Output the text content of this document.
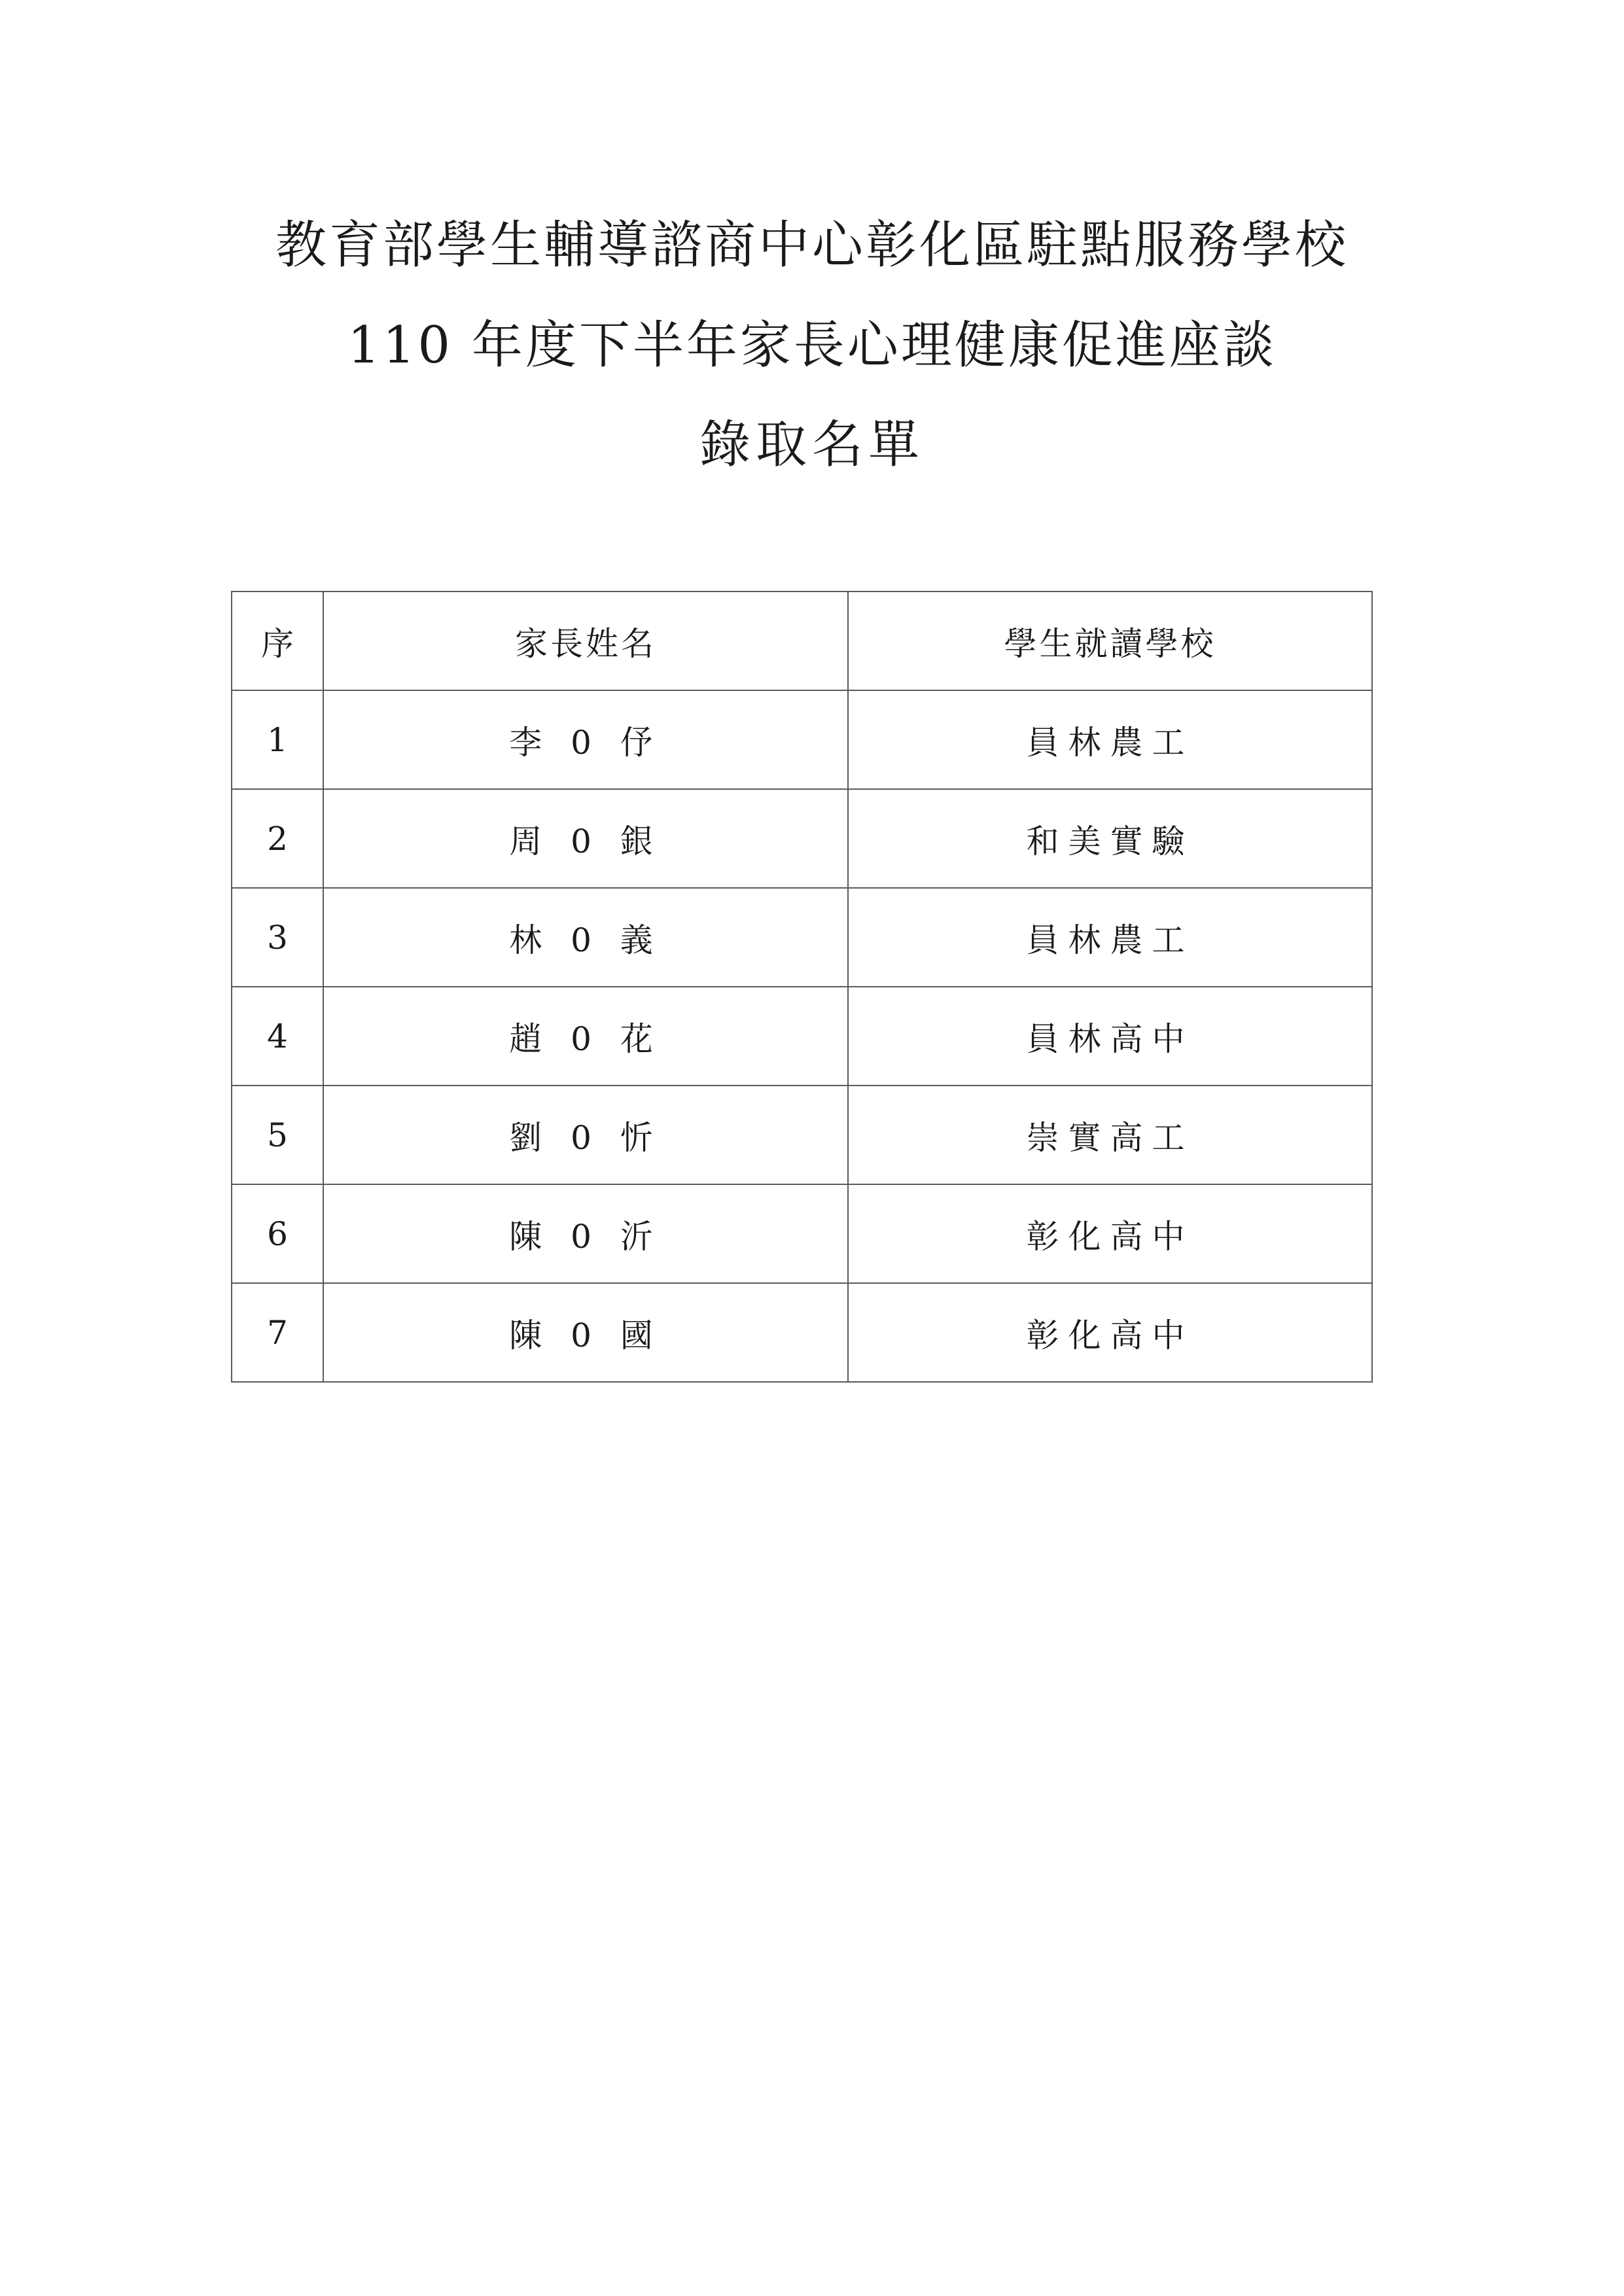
教育部學生輔導諮商中心彰化區駐點服務學校
110 年度下半年家長心理健康促進座談
錄取名單
序	家長姓名	學生就讀學校
1	李 0 伃	員林農工
2	周 0 銀	和美實驗
3	林 0 義	員林農工
4	趙 0 花	員林高中
5	劉 0 忻	崇實高工
6	陳 0 沂	彰化高中
7	陳 0 國	彰化高中
